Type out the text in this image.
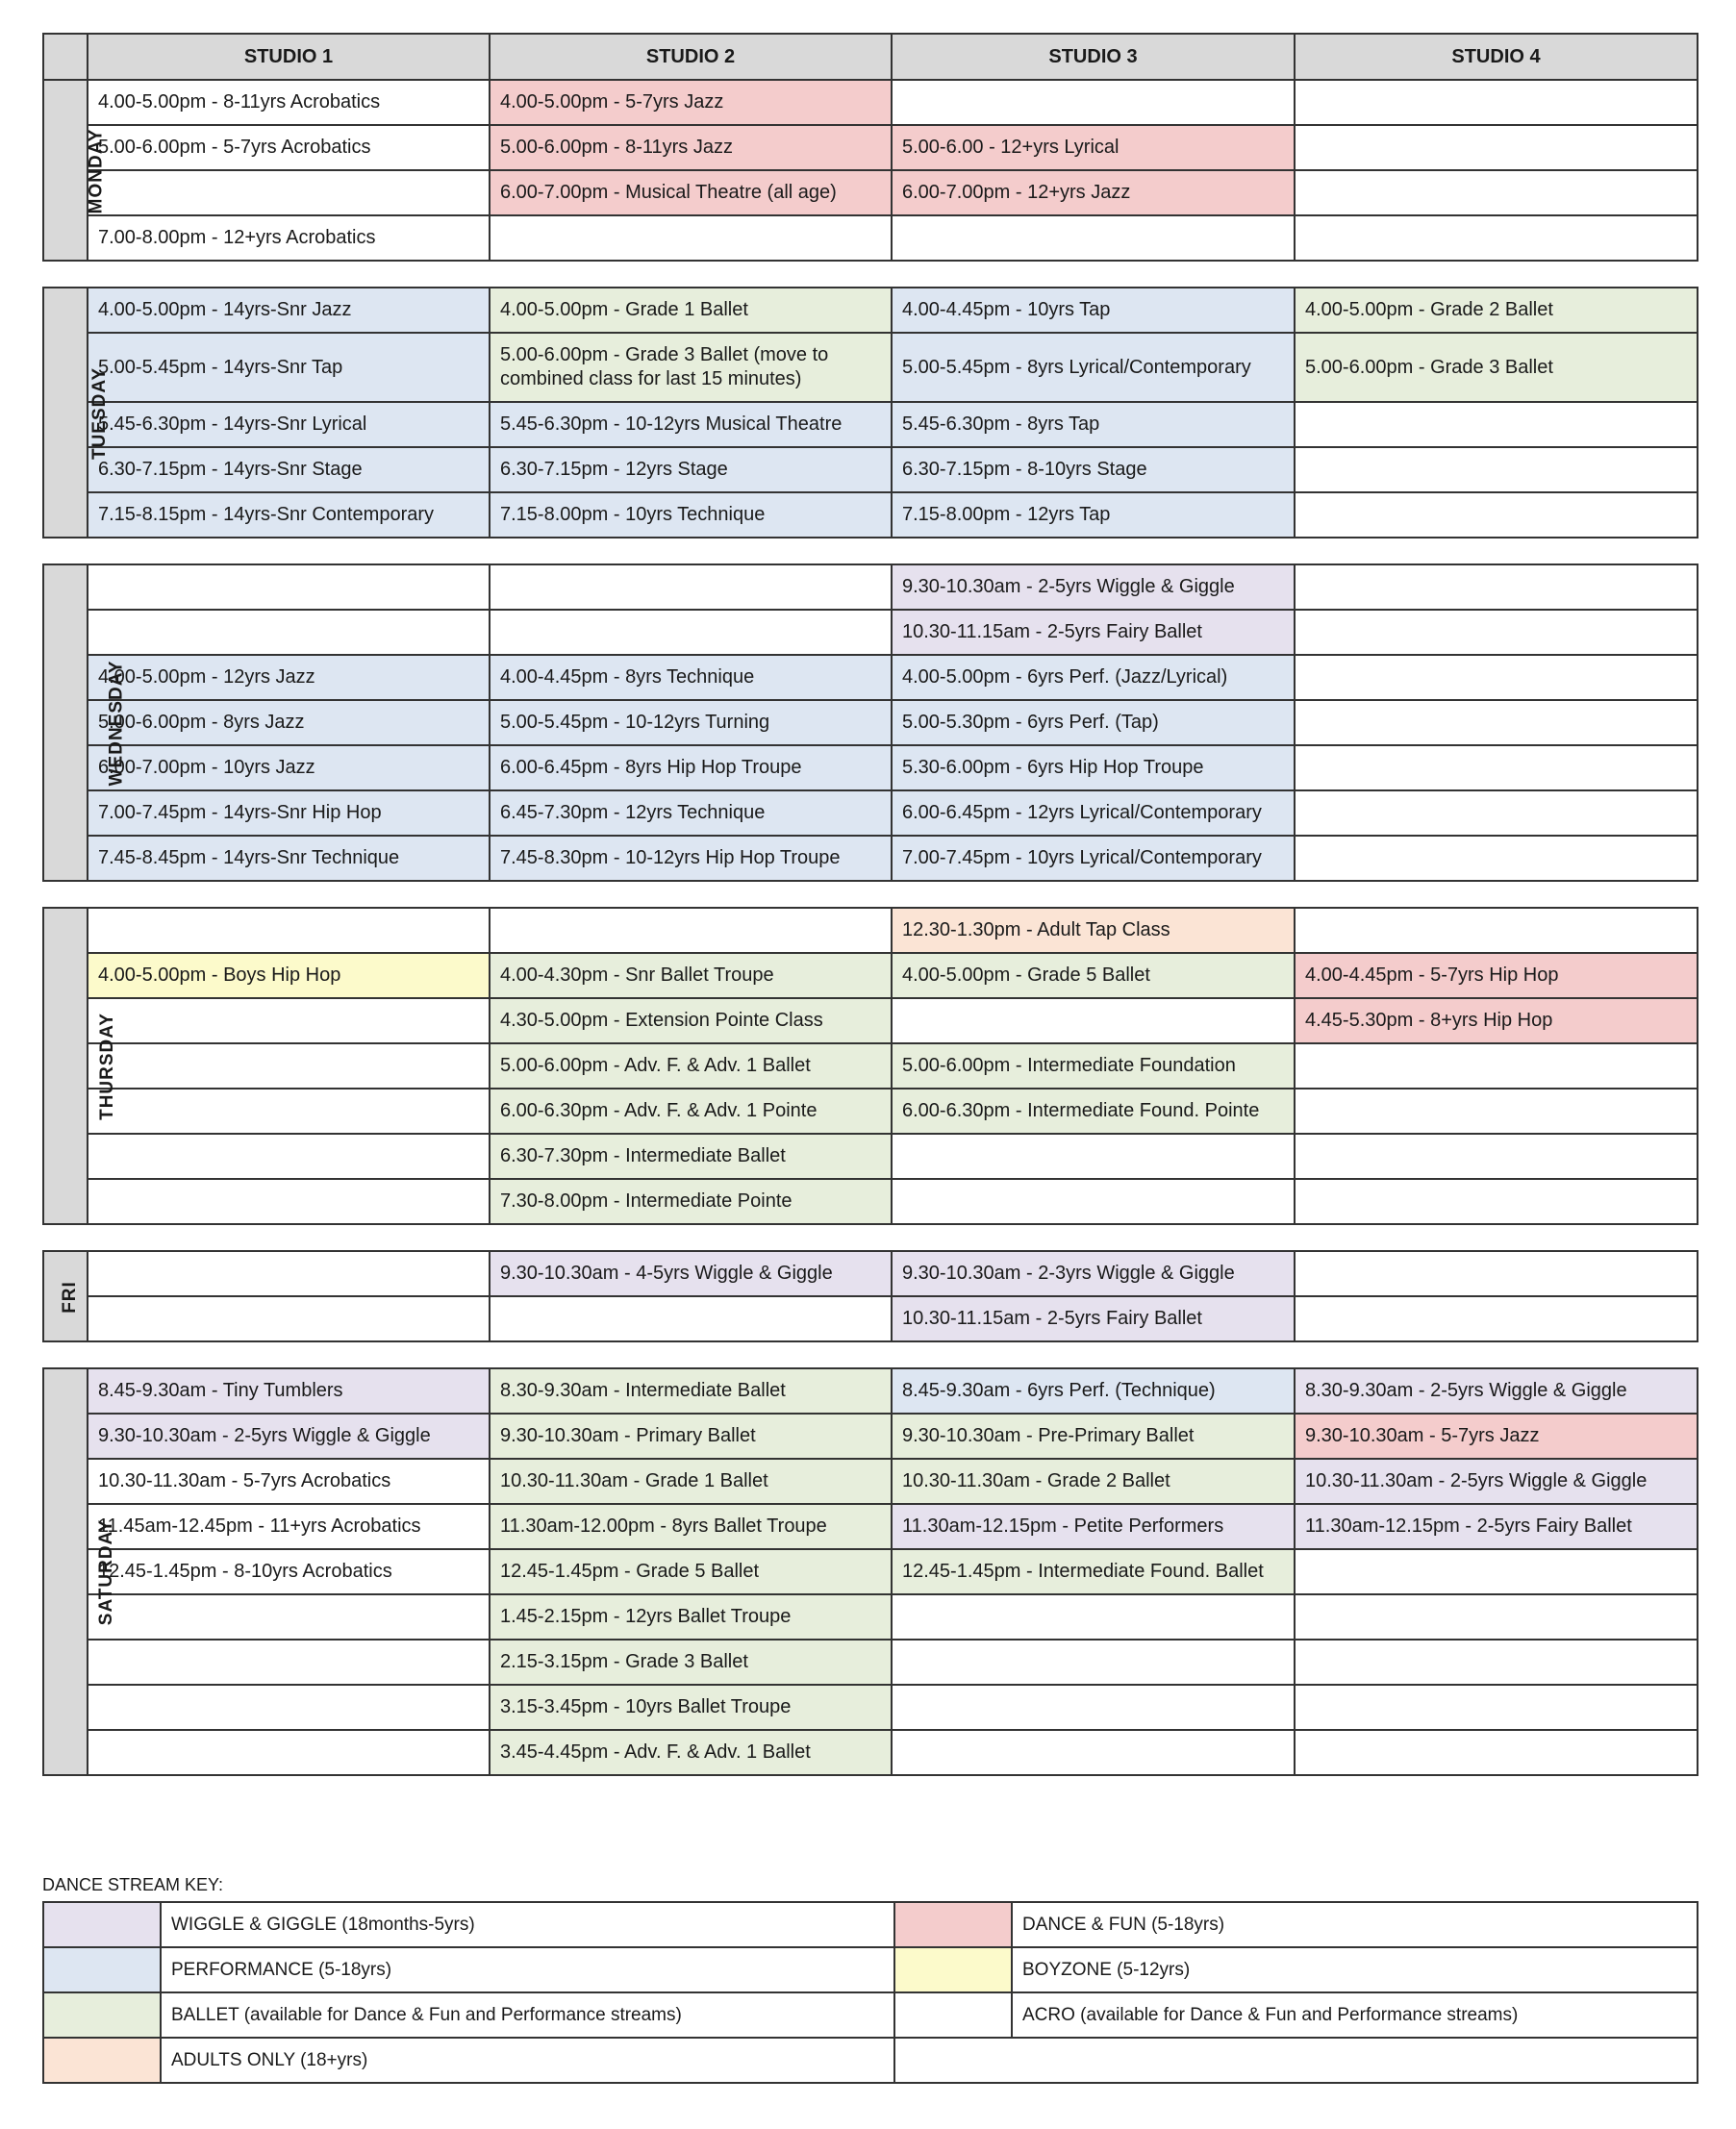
	STUDIO 1	STUDIO 2	STUDIO 3	STUDIO 4
MONDAY	4.00-5.00pm - 8-11yrs Acrobatics	4.00-5.00pm - 5-7yrs Jazz		
	5.00-6.00pm - 5-7yrs Acrobatics	5.00-6.00pm - 8-11yrs Jazz	5.00-6.00 - 12+yrs Lyrical	
		6.00-7.00pm - Musical Theatre (all age)	6.00-7.00pm - 12+yrs Jazz	
	7.00-8.00pm - 12+yrs Acrobatics			

TUESDAY	4.00-5.00pm - 14yrs-Snr Jazz	4.00-5.00pm - Grade 1 Ballet	4.00-4.45pm - 10yrs Tap	4.00-5.00pm - Grade 2 Ballet
	5.00-5.45pm - 14yrs-Snr Tap	5.00-6.00pm - Grade 3 Ballet (move to combined class for last 15 minutes)	5.00-5.45pm - 8yrs Lyrical/Contemporary	5.00-6.00pm - Grade 3 Ballet
	5.45-6.30pm - 14yrs-Snr Lyrical	5.45-6.30pm - 10-12yrs Musical Theatre	5.45-6.30pm - 8yrs Tap	
	6.30-7.15pm - 14yrs-Snr Stage	6.30-7.15pm - 12yrs Stage	6.30-7.15pm - 8-10yrs Stage	
	7.15-8.15pm - 14yrs-Snr Contemporary	7.15-8.00pm - 10yrs Technique	7.15-8.00pm - 12yrs Tap	

WEDNESDAY			9.30-10.30am - 2-5yrs Wiggle & Giggle	
			10.30-11.15am - 2-5yrs Fairy Ballet	
	4.00-5.00pm - 12yrs Jazz	4.00-4.45pm - 8yrs Technique	4.00-5.00pm - 6yrs Perf. (Jazz/Lyrical)	
	5.00-6.00pm - 8yrs Jazz	5.00-5.45pm - 10-12yrs Turning	5.00-5.30pm - 6yrs Perf. (Tap)	
	6.00-7.00pm - 10yrs Jazz	6.00-6.45pm - 8yrs Hip Hop Troupe	5.30-6.00pm - 6yrs Hip Hop Troupe	
	7.00-7.45pm - 14yrs-Snr Hip Hop	6.45-7.30pm - 12yrs Technique	6.00-6.45pm - 12yrs Lyrical/Contemporary	
	7.45-8.45pm - 14yrs-Snr Technique	7.45-8.30pm - 10-12yrs Hip Hop Troupe	7.00-7.45pm - 10yrs Lyrical/Contemporary	

THURSDAY			12.30-1.30pm - Adult Tap Class	
	4.00-5.00pm - Boys Hip Hop	4.00-4.30pm - Snr Ballet Troupe	4.00-5.00pm - Grade 5 Ballet	4.00-4.45pm - 5-7yrs Hip Hop
		4.30-5.00pm - Extension Pointe Class		4.45-5.30pm - 8+yrs Hip Hop
		5.00-6.00pm - Adv. F. & Adv. 1 Ballet	5.00-6.00pm - Intermediate Foundation	
		6.00-6.30pm - Adv. F. & Adv. 1 Pointe	6.00-6.30pm - Intermediate Found. Pointe	
		6.30-7.30pm - Intermediate Ballet		
		7.30-8.00pm - Intermediate Pointe		

FRI		9.30-10.30am - 4-5yrs Wiggle & Giggle	9.30-10.30am - 2-3yrs Wiggle & Giggle	
			10.30-11.15am - 2-5yrs Fairy Ballet	

SATURDAY	8.45-9.30am - Tiny Tumblers	8.30-9.30am - Intermediate Ballet	8.45-9.30am - 6yrs Perf. (Technique)	8.30-9.30am - 2-5yrs Wiggle & Giggle
	9.30-10.30am - 2-5yrs Wiggle & Giggle	9.30-10.30am - Primary Ballet	9.30-10.30am - Pre-Primary Ballet	9.30-10.30am - 5-7yrs Jazz
	10.30-11.30am - 5-7yrs Acrobatics	10.30-11.30am - Grade 1 Ballet	10.30-11.30am - Grade 2 Ballet	10.30-11.30am - 2-5yrs Wiggle & Giggle
	11.45am-12.45pm - 11+yrs Acrobatics	11.30am-12.00pm - 8yrs Ballet Troupe	11.30am-12.15pm - Petite Performers	11.30am-12.15pm - 2-5yrs Fairy Ballet
	12.45-1.45pm - 8-10yrs Acrobatics	12.45-1.45pm - Grade 5 Ballet	12.45-1.45pm - Intermediate Found. Ballet	
		1.45-2.15pm - 12yrs Ballet Troupe		
		2.15-3.15pm - Grade 3 Ballet		
		3.15-3.45pm - 10yrs Ballet Troupe		
		3.45-4.45pm - Adv. F. & Adv. 1 Ballet		
DANCE STREAM KEY:
	WIGGLE & GIGGLE (18months-5yrs)		DANCE & FUN (5-18yrs)
	PERFORMANCE (5-18yrs)		BOYZONE (5-12yrs)
	BALLET (available for Dance & Fun and Performance streams)		ACRO (available for Dance & Fun and Performance streams)
	ADULTS ONLY (18+yrs)		
